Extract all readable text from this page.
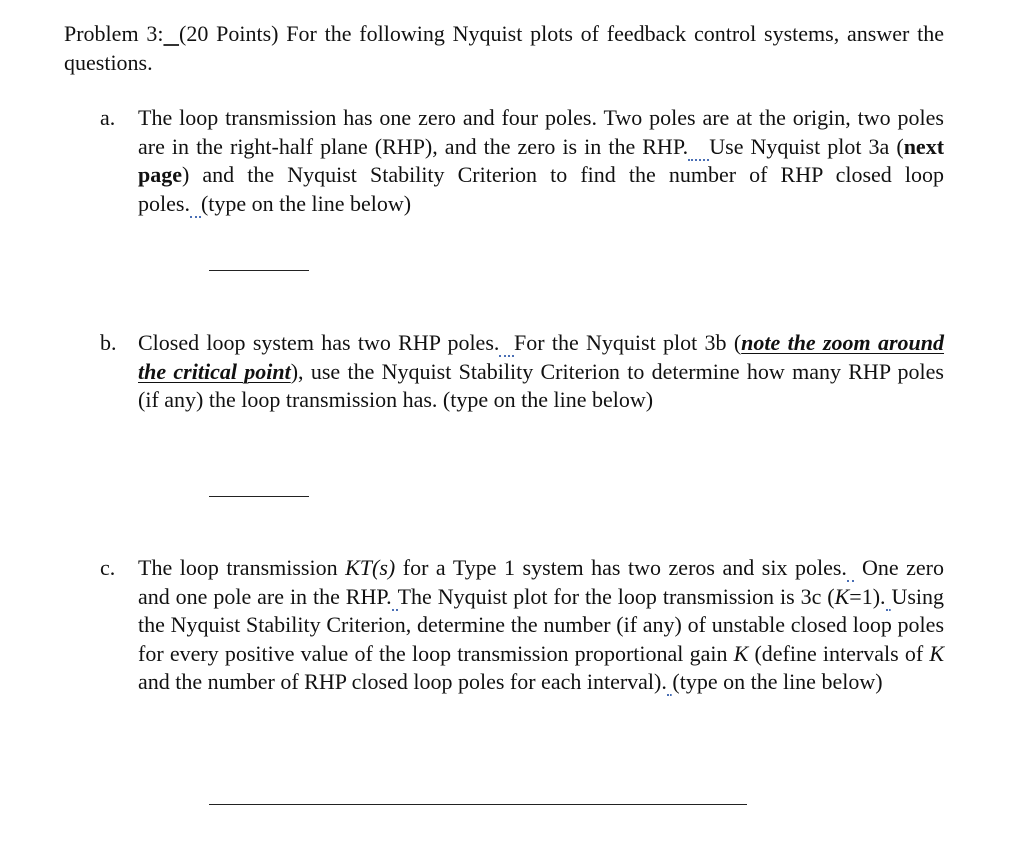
Problem 3: (20 Points) For the following Nyquist plots of feedback control systems, answer the questions.
a.	The loop transmission has one zero and four poles. Two poles are at the origin, two poles are in the right-half plane (RHP), and the zero is in the RHP. Use Nyquist plot 3a (next page) and the Nyquist Stability Criterion to find the number of RHP closed loop poles. (type on the line below)
b. Closed loop system has two RHP poles. For the Nyquist plot 3b (note the zoom around the critical point), use the Nyquist Stability Criterion to determine how many RHP poles (if any) the loop transmission has. (type on the line below)
c.	The loop transmission KT(s) for a Type 1 system has two zeros and six poles. One zero and one pole are in the RHP. The Nyquist plot for the loop transmission is 3c (K=1). Using the Nyquist Stability Criterion, determine the number (if any) of unstable closed loop poles for every positive value of the loop transmission proportional gain K (define intervals of K and the number of RHP closed loop poles for each interval). (type on the line below)
